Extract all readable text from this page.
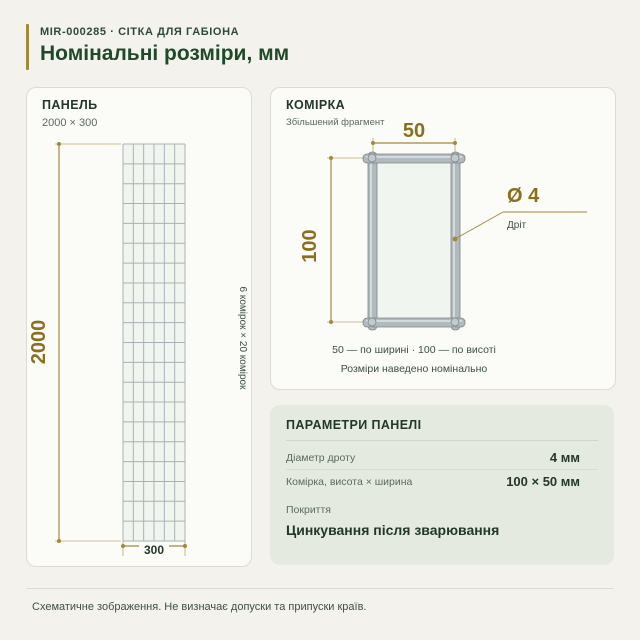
MIR-000285 · СІТКА ДЛЯ ГАБІОНА
Номінальні розміри, мм
ПАНЕЛЬ
2000 × 300
2000
300
6 комірок × 20 комірок
КОМІРКА
Збільшений фрагмент 50
100
Ø 4
Дріт
50 — по ширині · 100 — по висоті
Розміри наведено номінально
ПАРАМЕТРИ ПАНЕЛІ
Діаметр дроту	4 мм
Комірка, висота × ширина	100 × 50 мм
Покриття
Цинкування після зварювання
Схематичне зображення. Не визначає допуски та припуски країв.
